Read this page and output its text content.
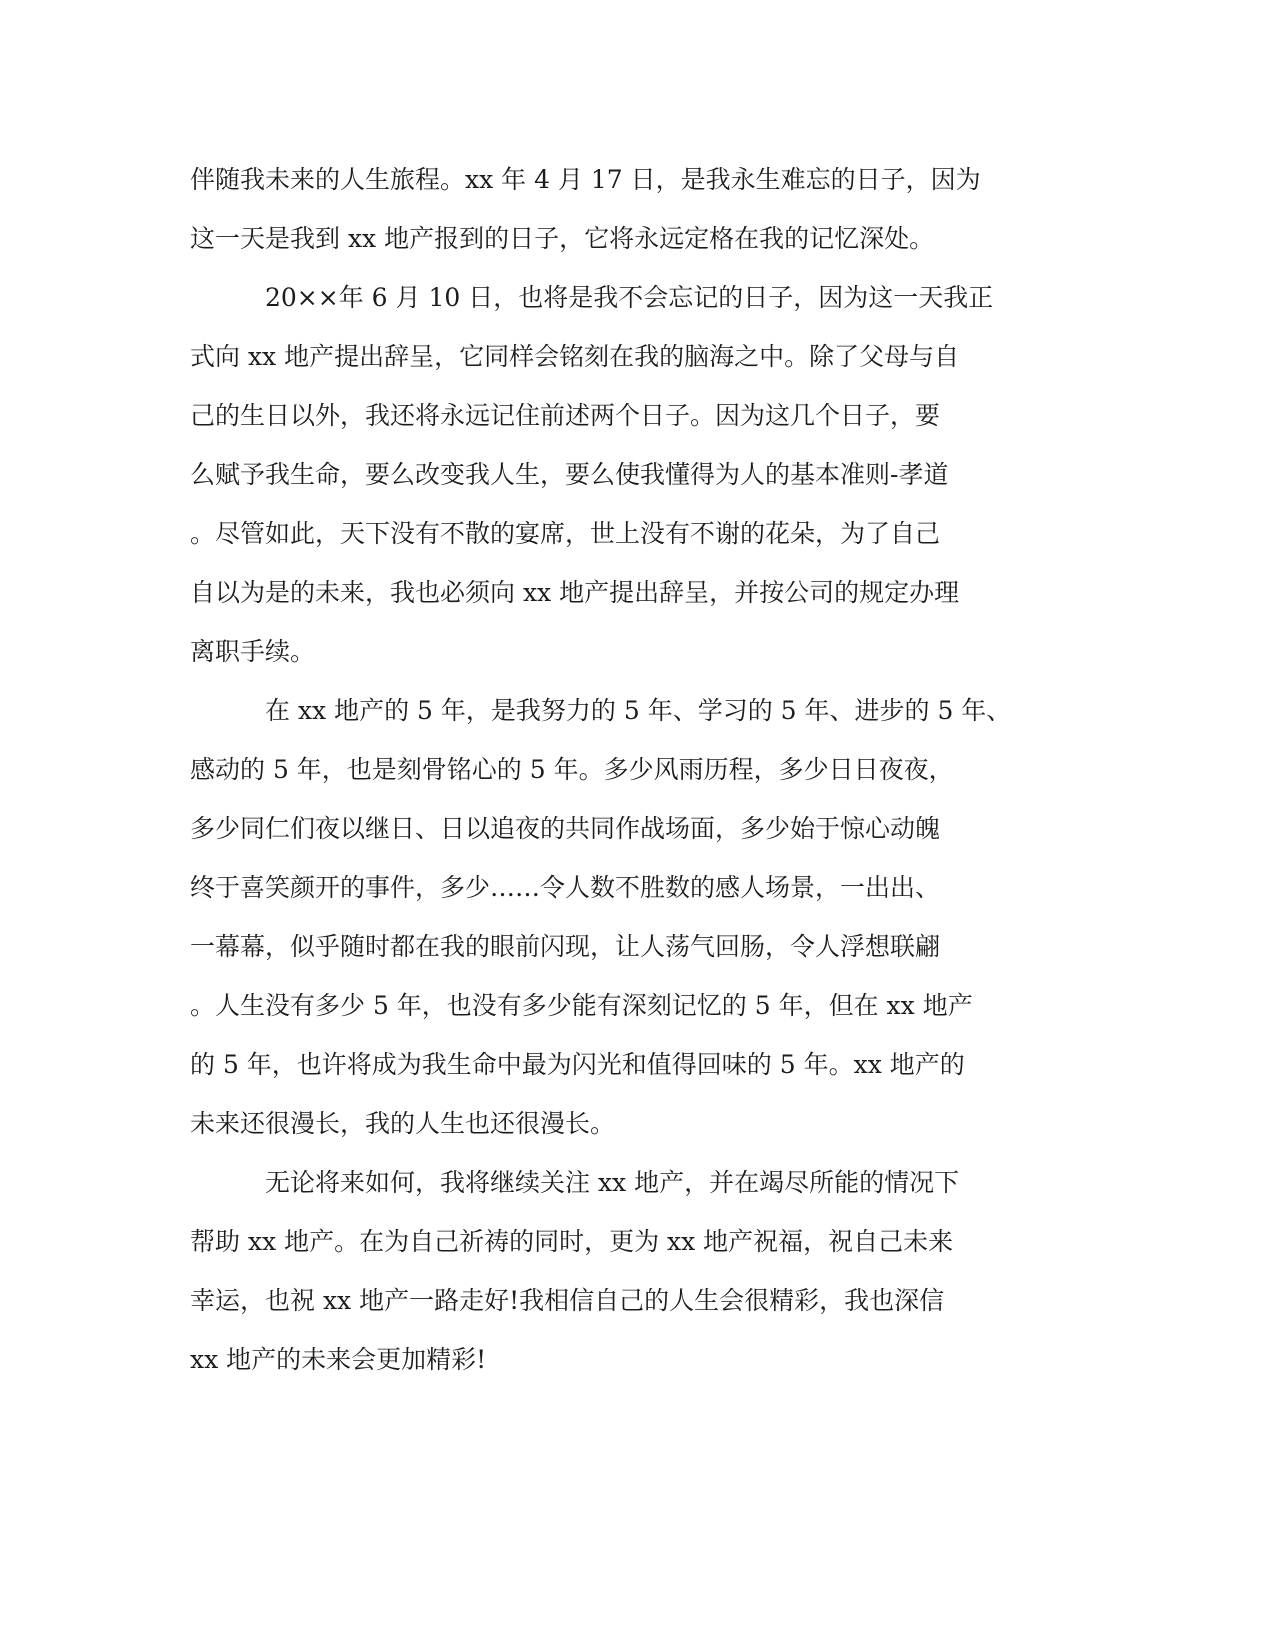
伴随我未来的人生旅程。xx 年 4 月 17 日，是我永生难忘的日子，因为
这一天是我到 xx 地产报到的日子，它将永远定格在我的记忆深处。
20××年 6 月 10 日，也将是我不会忘记的日子，因为这一天我正
式向 xx 地产提出辞呈，它同样会铭刻在我的脑海之中。除了父母与自
己的生日以外，我还将永远记住前述两个日子。因为这几个日子，要
么赋予我生命，要么改变我人生，要么使我懂得为人的基本准则-孝道
。尽管如此，天下没有不散的宴席，世上没有不谢的花朵，为了自己
自以为是的未来，我也必须向 xx 地产提出辞呈，并按公司的规定办理
离职手续。
在 xx 地产的 5 年，是我努力的 5 年、学习的 5 年、进步的 5 年、
感动的 5 年，也是刻骨铭心的 5 年。多少风雨历程，多少日日夜夜，
多少同仁们夜以继日、日以追夜的共同作战场面，多少始于惊心动魄
终于喜笑颜开的事件，多少……令人数不胜数的感人场景，一出出、
一幕幕，似乎随时都在我的眼前闪现，让人荡气回肠，令人浮想联翩
。人生没有多少 5 年，也没有多少能有深刻记忆的 5 年，但在 xx 地产
的 5 年，也许将成为我生命中最为闪光和值得回味的 5 年。xx 地产的
未来还很漫长，我的人生也还很漫长。
无论将来如何，我将继续关注 xx 地产，并在竭尽所能的情况下
帮助 xx 地产。在为自己祈祷的同时，更为 xx 地产祝福，祝自己未来
幸运，也祝 xx 地产一路走好!我相信自己的人生会很精彩，我也深信
xx 地产的未来会更加精彩!
